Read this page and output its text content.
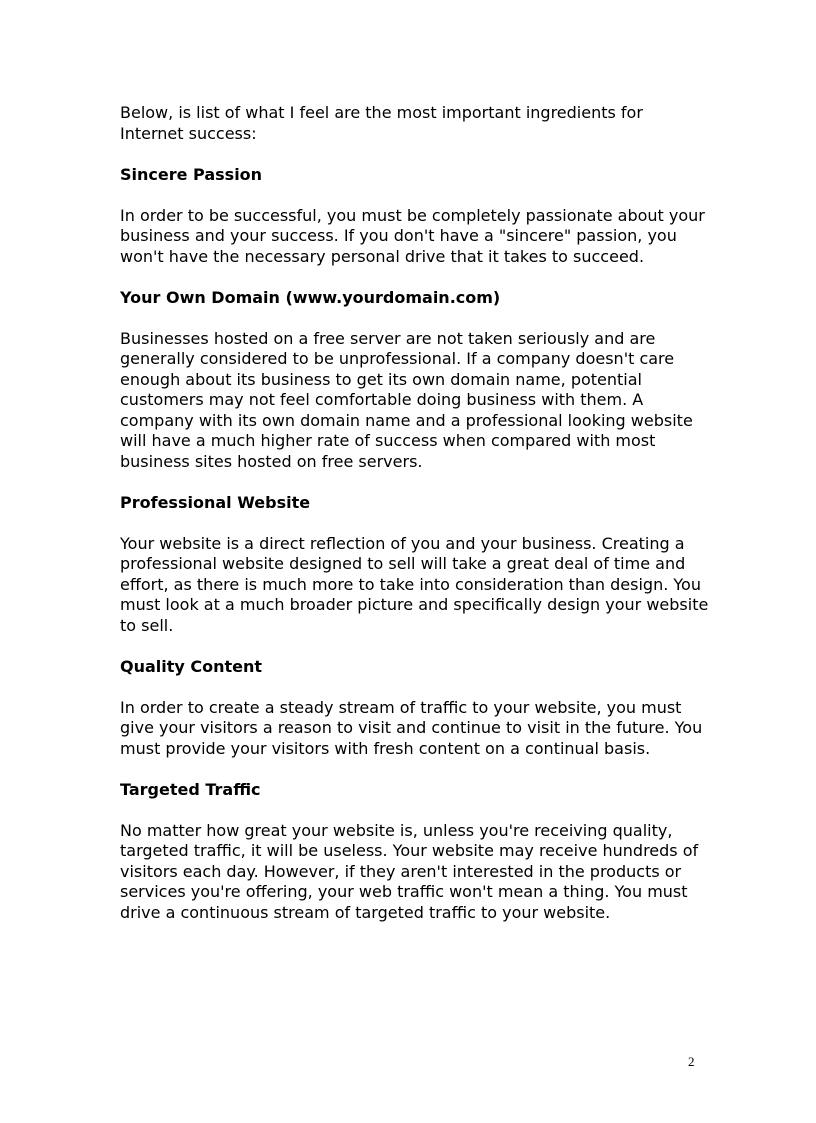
Below, is list of what I feel are the most important ingredients for Internet success:

Sincere Passion

In order to be successful, you must be completely passionate about your business and your success. If you don't have a "sincere" passion, you won't have the necessary personal drive that it takes to succeed.

Your Own Domain (www.yourdomain.com)

Businesses hosted on a free server are not taken seriously and are generally considered to be unprofessional. If a company doesn't care enough about its business to get its own domain name, potential customers may not feel comfortable doing business with them. A company with its own domain name and a professional looking website will have a much higher rate of success when compared with most business sites hosted on free servers.

Professional Website

Your website is a direct reflection of you and your business. Creating a professional website designed to sell will take a great deal of time and effort, as there is much more to take into consideration than design. You must look at a much broader picture and specifically design your website to sell.

Quality Content

In order to create a steady stream of traffic to your website, you must give your visitors a reason to visit and continue to visit in the future. You must provide your visitors with fresh content on a continual basis.

Targeted Traffic

No matter how great your website is, unless you're receiving quality, targeted traffic, it will be useless. Your website may receive hundreds of visitors each day. However, if they aren't interested in the products or services you're offering, your web traffic won't mean a thing. You must drive a continuous stream of targeted traffic to your website.

2
